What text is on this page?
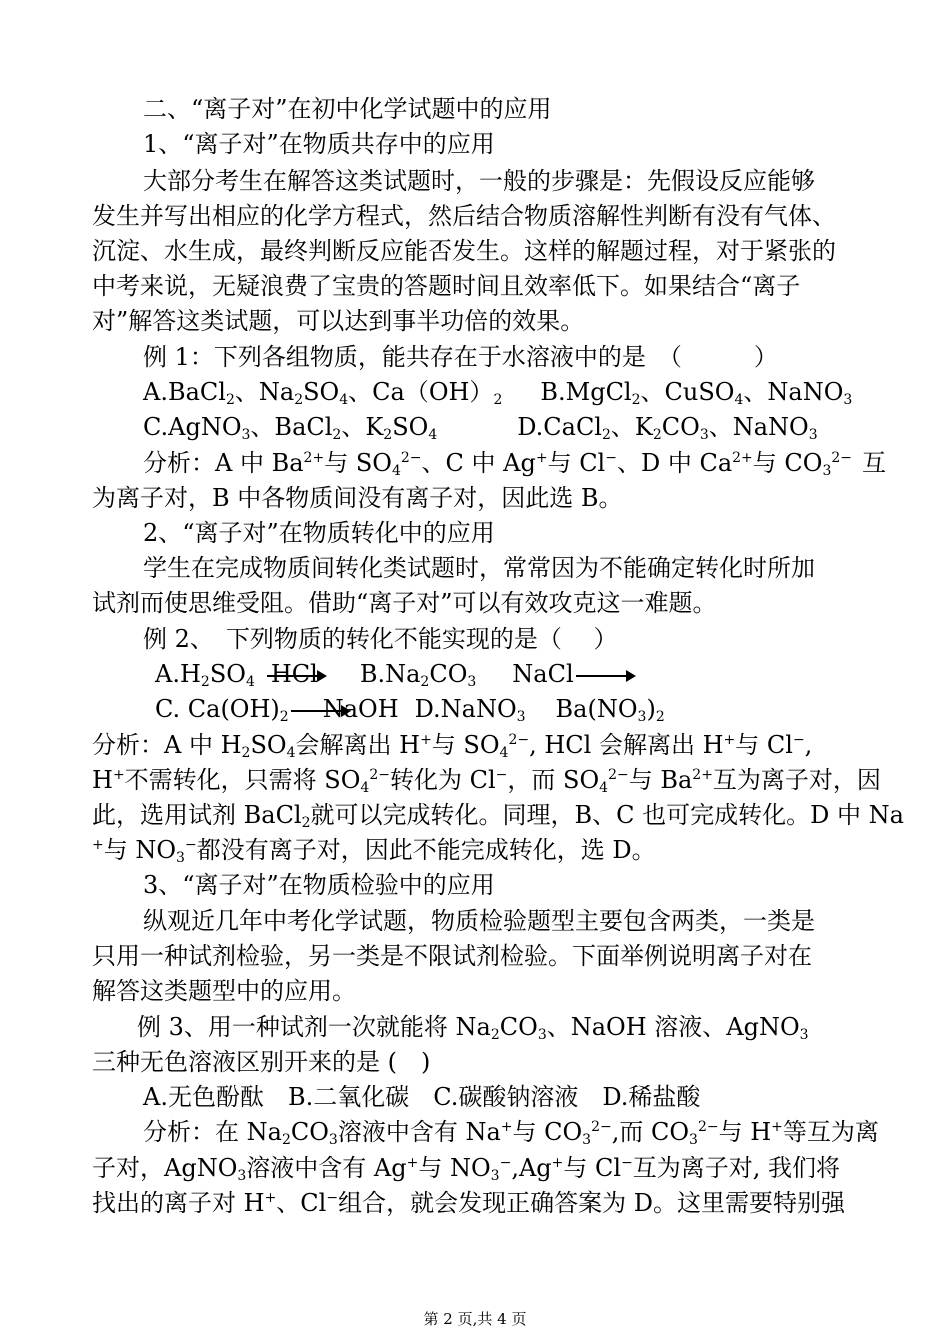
二、“离子对”在初中化学试题中的应用
1、“离子对”在物质共存中的应用
大部分考生在解答这类试题时，一般的步骤是：先假设反应能够
发生并写出相应的化学方程式，然后结合物质溶解性判断有没有气体、
沉淀、水生成，最终判断反应能否发生。这样的解题过程，对于紧张的
中考来说，无疑浪费了宝贵的答题时间且效率低下。如果结合“离子
对”解答这类试题，可以达到事半功倍的效果。
例 1：下列各组物质，能共存在于水溶液中的是　（　　　）
A.BaCl$_2$、$Na_2SO_4$、$Ca(OH)_2$ B.MgCl$_2$、CuSO$_4$、NaNO$_3$
C.AgNO$_3$、BaCl$_2$、$K_2SO_4$	D.CaCl$_2$、$K_2CO_3$、NaNO$_3$
分析：A 中 $Ba^{2+}$与 $SO_4^{2-}$、C 中 Ag+与 Cl−、D 中 $Ca^{2+}$与 $CO_3^{2-}$ 互
为离子对，B 中各物质间没有离子对，因此选 B。
2、“离子对”在物质转化中的应用
学生在完成物质间转化类试题时，常常因为不能确定转化时所加
试剂而使思维受阻。借助“离子对”可以有效攻克这一难题。
例 2、　下列物质的转化不能实现的是（　 ）
$A.H_2SO_4$ HCl $B.Na_2CO_3$ NaCl
C. $Ca(OH)_2$ NaOH D.NaNO$_3$ $Ba(NO_3)_2$
分析：A 中 $H_2SO_4$会解离出 H+与 $SO_4^{2-}$, HCl 会解离出 H+与 Cl−,
H+不需转化，只需将 $SO_4^{2-}$转化为 Cl−，而 $SO_4^{2-}$与 $Ba^{2+}$互为离子对，因
此，选用试剂 BaCl$_2$就可以完成转化。同理，B、C 也可完成转化。D 中 Na
+与 $NO_3^-$都没有离子对，因此不能完成转化，选 D。
3、“离子对”在物质检验中的应用
纵观近几年中考化学试题，物质检验题型主要包含两类，一类是
只用一种试剂检验，另一类是不限试剂检验。下面举例说明离子对在
解答这类题型中的应用。
例 3、用一种试剂一次就能将 $Na_2CO_3$、NaOH 溶液、AgNO$_3$
三种无色溶液区别开来的是 (　)
A.无色酚酞　B.二氧化碳　C.碳酸钠溶液　D.稀盐酸
分析：在 $Na_2CO_3$溶液中含有 Na+与 $CO_3^{2-}$,而 $CO_3^{2-}$与 H+等互为离
子对，AgNO$_3$溶液中含有 Ag+与 $NO_3^-,Ag^+$与 Cl−互为离子对, 我们将
找出的离子对 H+、Cl−组合，就会发现正确答案为 D。这里需要特别强
第 2 页,共 4 页
